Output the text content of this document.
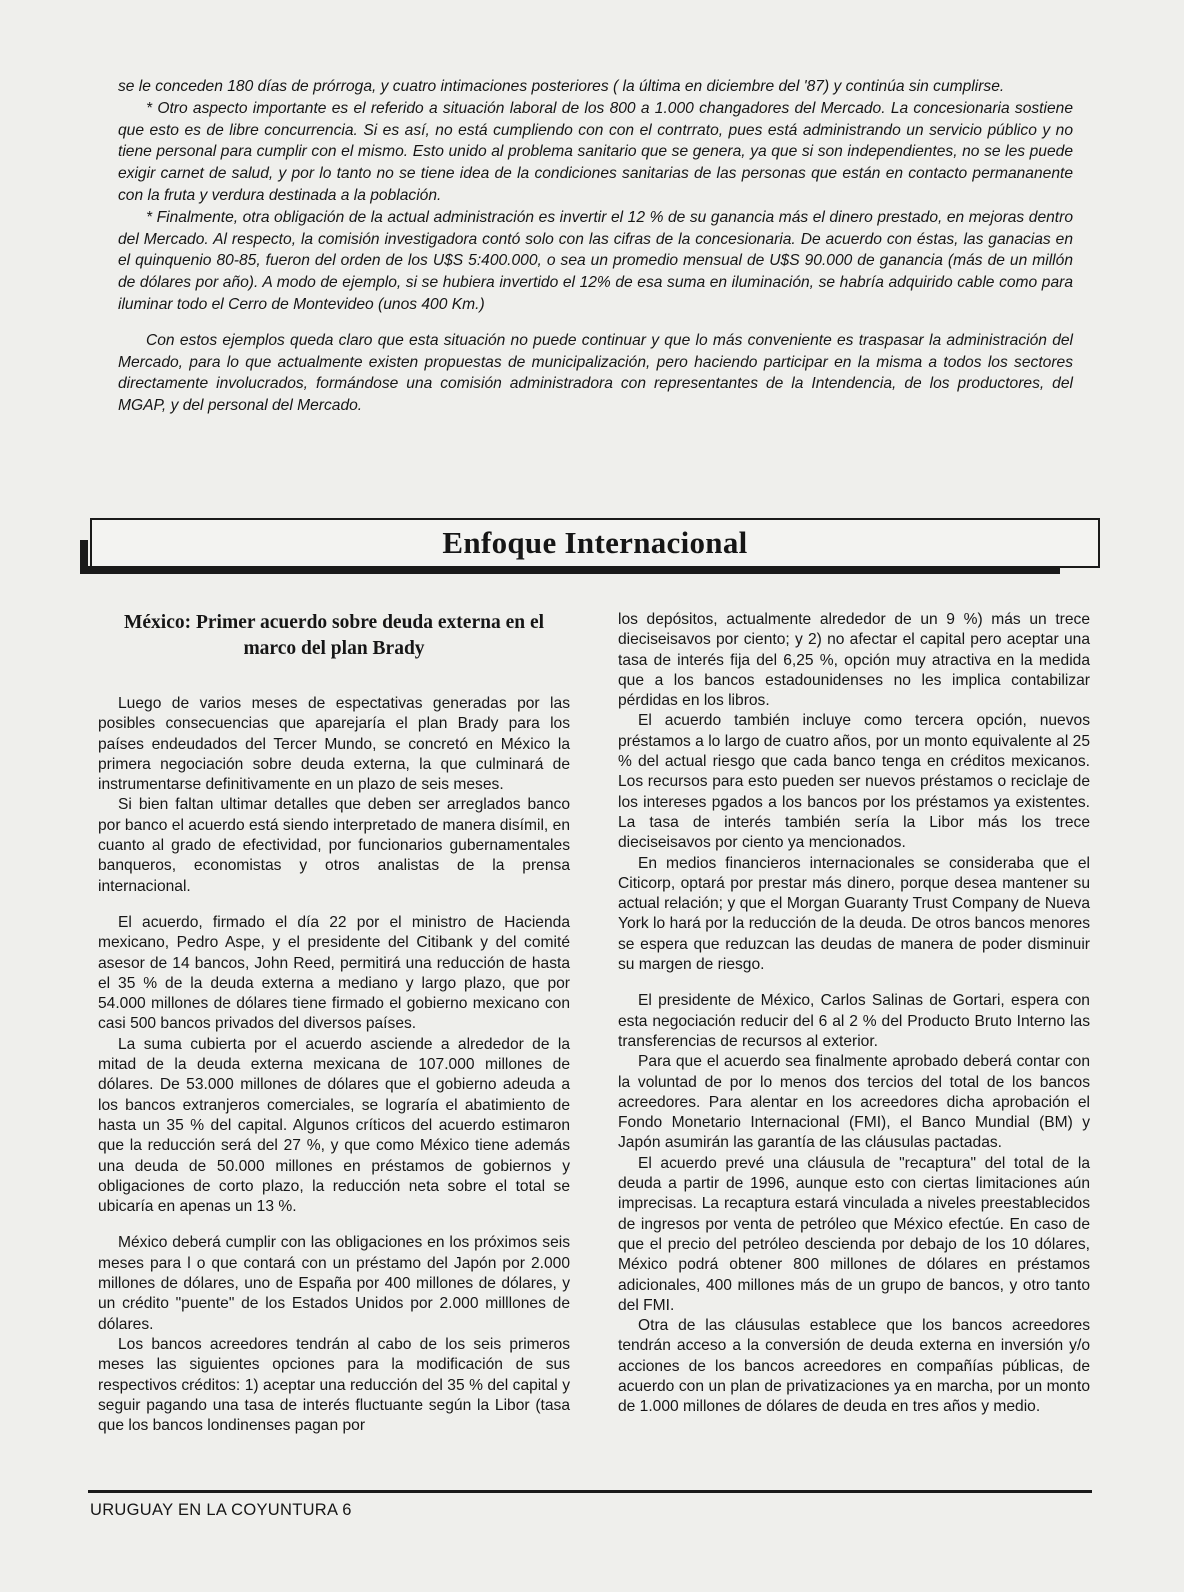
se le conceden 180 días de prórroga, y cuatro intimaciones posteriores ( la última en diciembre del '87) y continúa sin cumplirse.

* Otro aspecto importante es el referido a situación laboral de los 800 a 1.000 changadores del Mercado. La concesionaria sostiene que esto es de libre concurrencia. Si es así, no está cumpliendo con con el contrrato, pues está administrando un servicio público y no tiene personal para cumplir con el mismo. Esto unido al problema sanitario que se genera, ya que si son independientes, no se les puede exigir carnet de salud, y por lo tanto no se tiene idea de la condiciones sanitarias de las personas que están en contacto permananente con la fruta y verdura destinada a la población.

* Finalmente, otra obligación de la actual administración es invertir el 12 % de su ganancia más el dinero prestado, en mejoras dentro del Mercado. Al respecto, la comisión investigadora contó solo con las cifras de la concesionaria. De acuerdo con éstas, las ganacias en el quinquenio 80-85, fueron del orden de los U$S 5:400.000, o sea un promedio mensual de U$S 90.000 de ganancia (más de un millón de dólares por año). A modo de ejemplo, si se hubiera invertido el 12% de esa suma en iluminación, se habría adquirido cable como para iluminar todo el Cerro de Montevideo (unos 400 Km.)

Con estos ejemplos queda claro que esta situación no puede continuar y que lo más conveniente es traspasar la administración del Mercado, para lo que actualmente existen propuestas de municipalización, pero haciendo participar en la misma a todos los sectores directamente involucrados, formándose una comisión administradora con representantes de la Intendencia, de los productores, del MGAP, y del personal del Mercado.

Enfoque Internacional
México: Primer acuerdo sobre deuda externa en el marco del plan Brady

Luego de varios meses de espectativas generadas por las posibles consecuencias que aparejaría el plan Brady para los países endeudados del Tercer Mundo, se concretó en México la primera negociación sobre deuda externa, la que culminará de instrumentarse definitivamente en un plazo de seis meses.

Si bien faltan ultimar detalles que deben ser arreglados banco por banco el acuerdo está siendo interpretado de manera disímil, en cuanto al grado de efectividad, por funcionarios gubernamentales banqueros, economistas y otros analistas de la prensa internacional.

El acuerdo, firmado el día 22 por el ministro de Hacienda mexicano, Pedro Aspe, y el presidente del Citibank y del comité asesor de 14 bancos, John Reed, permitirá una reducción de hasta el 35 % de la deuda externa a mediano y largo plazo, que por 54.000 millones de dólares tiene firmado el gobierno mexicano con casi 500 bancos privados del diversos países.

La suma cubierta por el acuerdo asciende a alrededor de la mitad de la deuda externa mexicana de 107.000 millones de dólares. De 53.000 millones de dólares que el gobierno adeuda a los bancos extranjeros comerciales, se lograría el abatimiento de hasta un 35 % del capital. Algunos críticos del acuerdo estimaron que la reducción será del 27 %, y que como México tiene además una deuda de 50.000 millones en préstamos de gobiernos y obligaciones de corto plazo, la reducción neta sobre el total se ubicaría en apenas un 13 %.

México deberá cumplir con las obligaciones en los próximos seis meses para l o que contará con un préstamo del Japón por 2.000 millones de dólares, uno de España por 400 millones de dólares, y un crédito "puente" de los Estados Unidos por 2.000 milllones de dólares.

Los bancos acreedores tendrán al cabo de los seis primeros meses las siguientes opciones para la modificación de sus respectivos créditos: 1) aceptar una reducción del 35 % del capital y seguir pagando una tasa de interés fluctuante según la Libor (tasa que los bancos londinenses pagan por

los depósitos, actualmente alrededor de un 9 %) más un trece dieciseisavos por ciento; y 2) no afectar el capital pero aceptar una tasa de interés fija del 6,25 %, opción muy atractiva en la medida que a los bancos estadounidenses no les implica contabilizar pérdidas en los libros.

El acuerdo también incluye como tercera opción, nuevos préstamos a lo largo de cuatro años, por un monto equivalente al 25 % del actual riesgo que cada banco tenga en créditos mexicanos. Los recursos para esto pueden ser nuevos préstamos o reciclaje de los intereses pgados a los bancos por los préstamos ya existentes. La tasa de interés también sería la Libor más los trece dieciseisavos por ciento ya mencionados.

En medios financieros internacionales se consideraba que el Citicorp, optará por prestar más dinero, porque desea mantener su actual relación; y que el Morgan Guaranty Trust Company de Nueva York lo hará por la reducción de la deuda. De otros bancos menores se espera que reduzcan las deudas de manera de poder disminuir su margen de riesgo.

El presidente de México, Carlos Salinas de Gortari, espera con esta negociación reducir del 6 al 2 % del Producto Bruto Interno las transferencias de recursos al exterior.

Para que el acuerdo sea finalmente aprobado deberá contar con la voluntad de por lo menos dos tercios del total de los bancos acreedores. Para alentar en los acreedores dicha aprobación el Fondo Monetario Internacional (FMI), el Banco Mundial (BM) y Japón asumirán las garantía de las cláusulas pactadas.

El acuerdo prevé una cláusula de "recaptura" del total de la deuda a partir de 1996, aunque esto con ciertas limitaciones aún imprecisas. La recaptura estará vinculada a niveles preestablecidos de ingresos por venta de petróleo que México efectúe. En caso de que el precio del petróleo descienda por debajo de los 10 dólares, México podrá obtener 800 millones de dólares en préstamos adicionales, 400 millones más de un grupo de bancos, y otro tanto del FMI.

Otra de las cláusulas establece que los bancos acreedores tendrán acceso a la conversión de deuda externa en inversión y/o acciones de los bancos acreedores en compañías públicas, de acuerdo con un plan de privatizaciones ya en marcha, por un monto de 1.000 millones de dólares de deuda en tres años y medio.

URUGUAY EN LA COYUNTURA 6
